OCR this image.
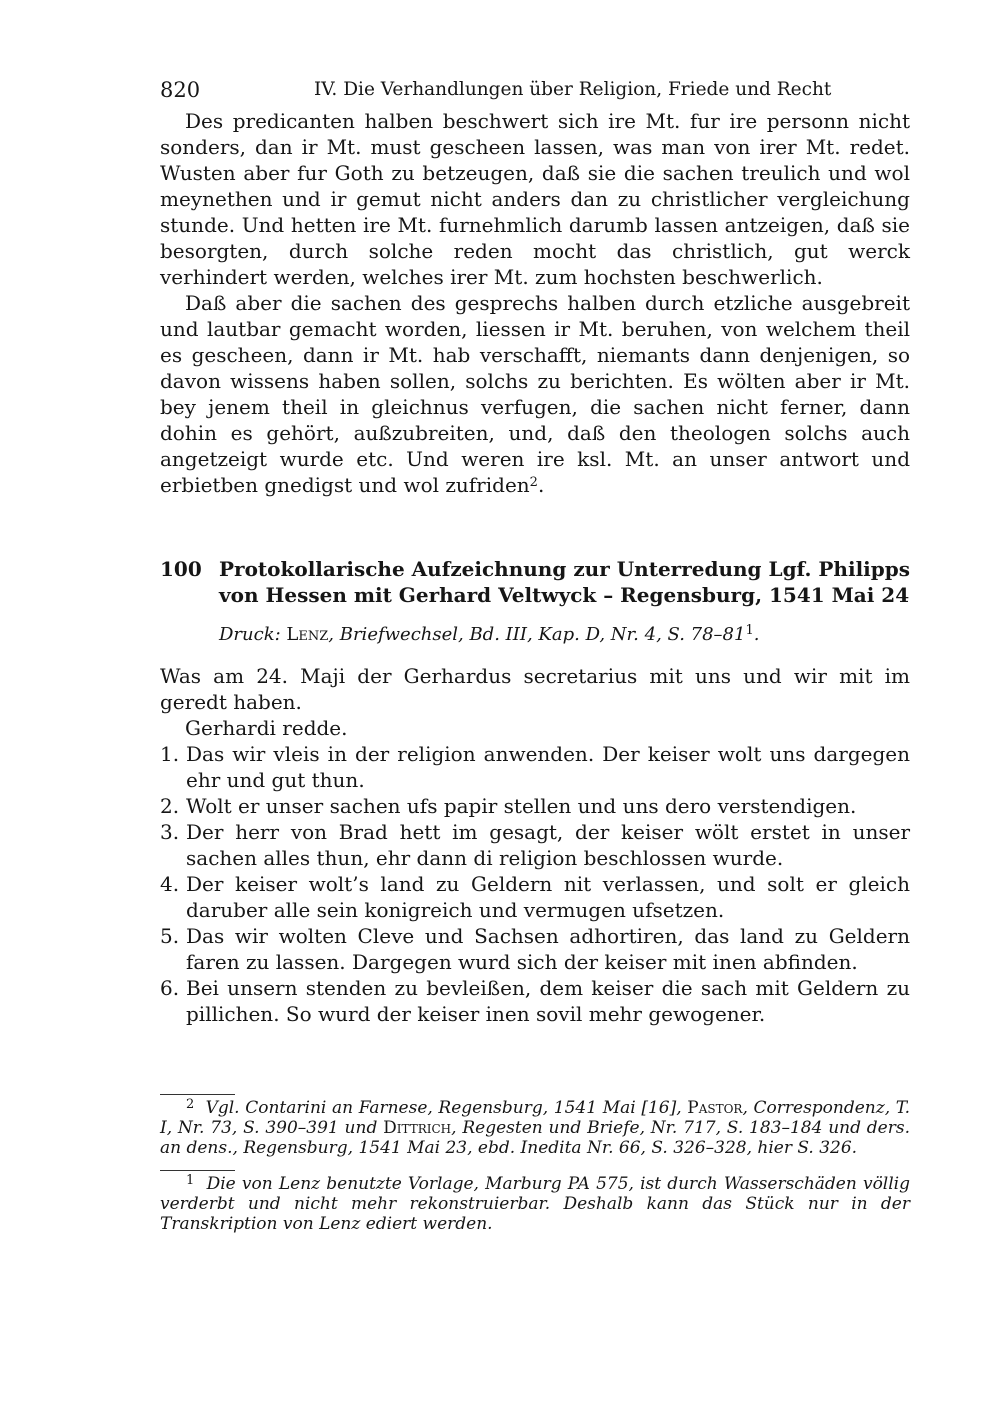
820	IV. Die Verhandlungen über Religion, Friede und Recht

Des predicanten halben beschwert sich ire Mt. fur ire personn nicht sonders, dan ir Mt. must gescheen lassen, was man von irer Mt. redet. Wusten aber fur Goth zu betzeugen, daß sie die sachen treulich und wol meynethen und ir gemut nicht anders dan zu christlicher vergleichung stunde. Und hetten ire Mt. furnehmlich darumb lassen antzeigen, daß sie besorgten, durch solche reden mocht das christlich, gut werck verhindert werden, welches irer Mt. zum hochsten beschwerlich.

Daß aber die sachen des gesprechs halben durch etzliche ausgebreit und lautbar gemacht worden, liessen ir Mt. beruhen, von welchem theil es gescheen, dann ir Mt. hab verschafft, niemants dann denjenigen, so davon wissens haben sollen, solchs zu berichten. Es wölten aber ir Mt. bey jenem theil in gleichnus verfugen, die sachen nicht ferner, dann dohin es gehört, außzubreiten, und, daß den theologen solchs auch angetzeigt wurde etc. Und weren ire ksl. Mt. an unser antwort und erbietben gnedigst und wol zufriden$^2$.

100 Protokollarische Aufzeichnung zur Unterredung Lgf. Philipps von Hessen mit Gerhard Veltwyck – Regensburg, 1541 Mai 24
Druck: Lenz, Briefwechsel, Bd. III, Kap. D, Nr. 4, S. $78-81^1$.

Was am 24. Maji der Gerhardus secretarius mit uns und wir mit im geredt haben.

Gerhardi redde.

1. Das wir vleis in der religion anwenden. Der keiser wolt uns dargegen ehr und gut thun.
2. Wolt er unser sachen ufs papir stellen und uns dero verstendigen.
3. Der herr von Brad hett im gesagt, der keiser wölt erstet in unser sachen alles thun, ehr dann di religion beschlossen wurde.
4. Der keiser wolt’s land zu Geldern nit verlassen, und solt er gleich daruber alle sein konigreich und vermugen ufsetzen.
5. Das wir wolten Cleve und Sachsen adhortiren, das land zu Geldern faren zu lassen. Dargegen wurd sich der keiser mit inen abfinden.
6. Bei unsern stenden zu bevleißen, dem keiser die sach mit Geldern zu pillichen. So wurd der keiser inen sovil mehr gewogener.
$^2$ Vgl. Contarini an Farnese, Regensburg, 1541 Mai [16], Pastor, Correspondenz, T. I, Nr. 73, S. 390–391 und Dittrich, Regesten und Briefe, Nr. 717, S. 183–184 und ders. an dens., Regensburg, 1541 Mai 23, ebd. Inedita Nr. 66, S. 326–328, hier S. 326.
$^1$ Die von Lenz benutzte Vorlage, Marburg PA 575, ist durch Wasserschäden völlig verderbt und nicht mehr rekonstruierbar. Deshalb kann das Stück nur in der Transkription von Lenz ediert werden.
